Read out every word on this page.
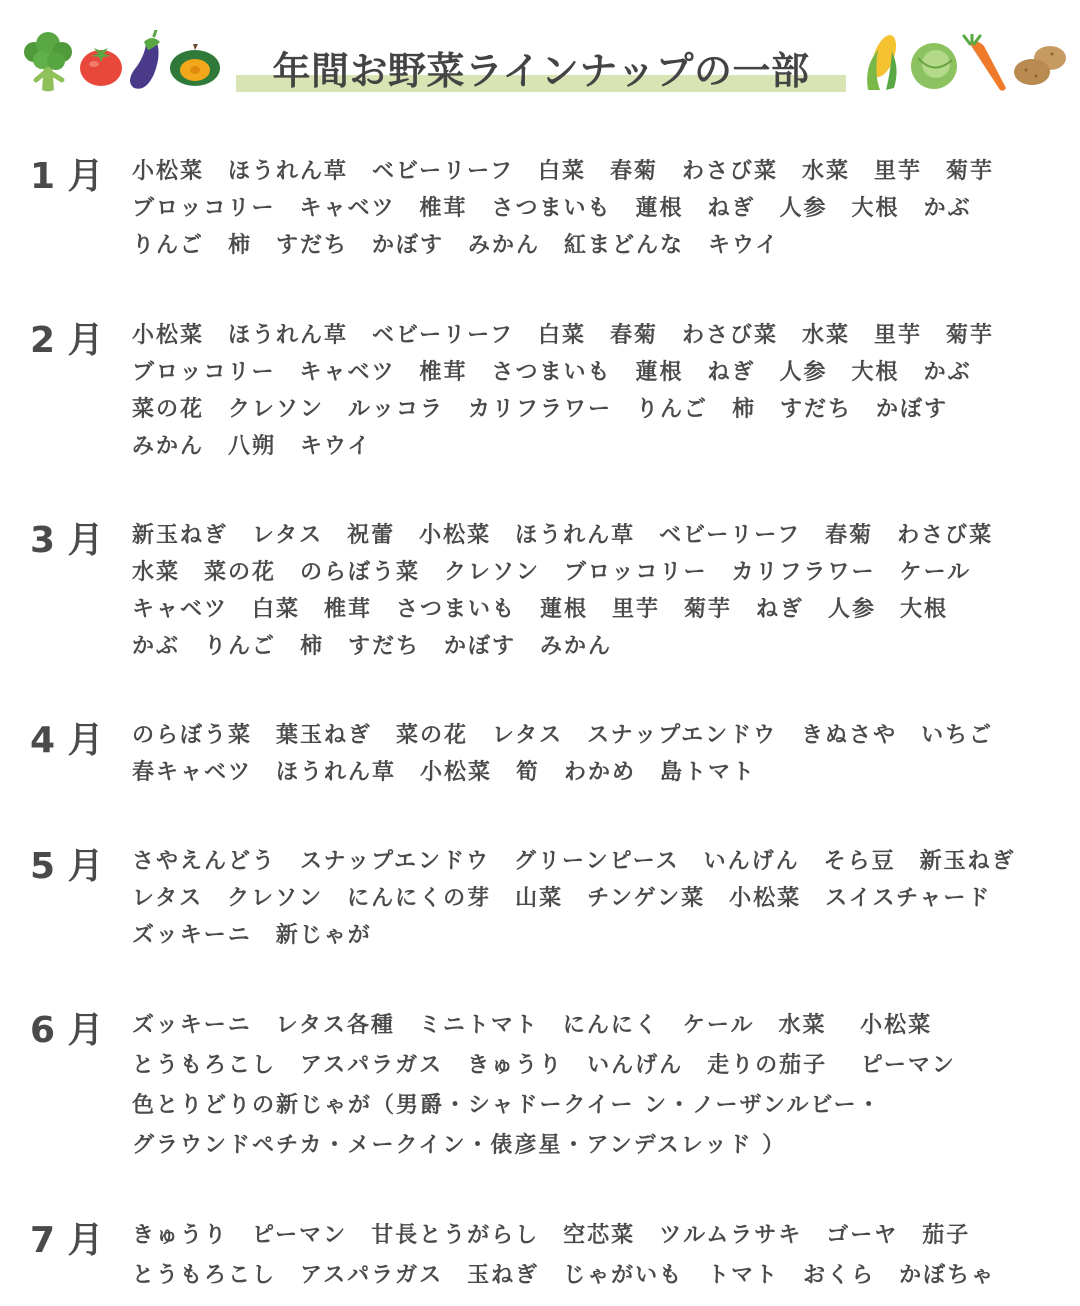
年間お野菜ラインナップの一部
1 月 小松菜　ほうれん草　ベビーリーフ　白菜　春菊　わさび菜　水菜　里芋　菊芋
ブロッコリー　キャベツ　椎茸　さつまいも　蓮根　ねぎ　人参　大根　かぶ
りんご　柿　すだち　かぼす　みかん　紅まどんな　キウイ
2 月 小松菜　ほうれん草　ベビーリーフ　白菜　春菊　わさび菜　水菜　里芋　菊芋
ブロッコリー　キャベツ　椎茸　さつまいも　蓮根　ねぎ　人参　大根　かぶ
菜の花　クレソン　ルッコラ　カリフラワー　りんご　柿　すだち　かぼす
みかん　八朔　キウイ
3 月 新玉ねぎ　レタス　祝蕾　小松菜　ほうれん草　ベビーリーフ　春菊　わさび菜
水菜　菜の花　のらぼう菜　クレソン　ブロッコリー　カリフラワー　ケール
キャベツ　白菜　椎茸　さつまいも　蓮根　里芋　菊芋　ねぎ　人参　大根
かぶ　りんご　柿　すだち　かぼす　みかん
4 月 のらぼう菜　葉玉ねぎ　菜の花　レタス　スナップエンドウ　きぬさや　いちご
春キャベツ　ほうれん草　小松菜　筍　わかめ　島トマト
5 月 さやえんどう　スナップエンドウ　グリーンピース　いんげん　そら豆　新玉ねぎ
レタス　クレソン　にんにくの芽　山菜　チンゲン菜　小松菜　スイスチャード
ズッキーニ　新じゃが
6 月 ズッキーニ　レタス各種　ミニトマト　にんにく　ケール　水菜　 小松菜
とうもろこし　アスパラガス　きゅうり　いんげん　走りの茄子　 ピーマン
色とりどりの新じゃが（男爵・シャドークイー ン・ノーザンルビー・
グラウンドペチカ・メークイン・俵彦星・アンデスレッド ）
7 月 きゅうり　ピーマン　甘長とうがらし　空芯菜　ツルムラサキ　ゴーヤ　茄子
とうもろこし　アスパラガス　玉ねぎ　じゃがいも　トマト　おくら　かぼちゃ
